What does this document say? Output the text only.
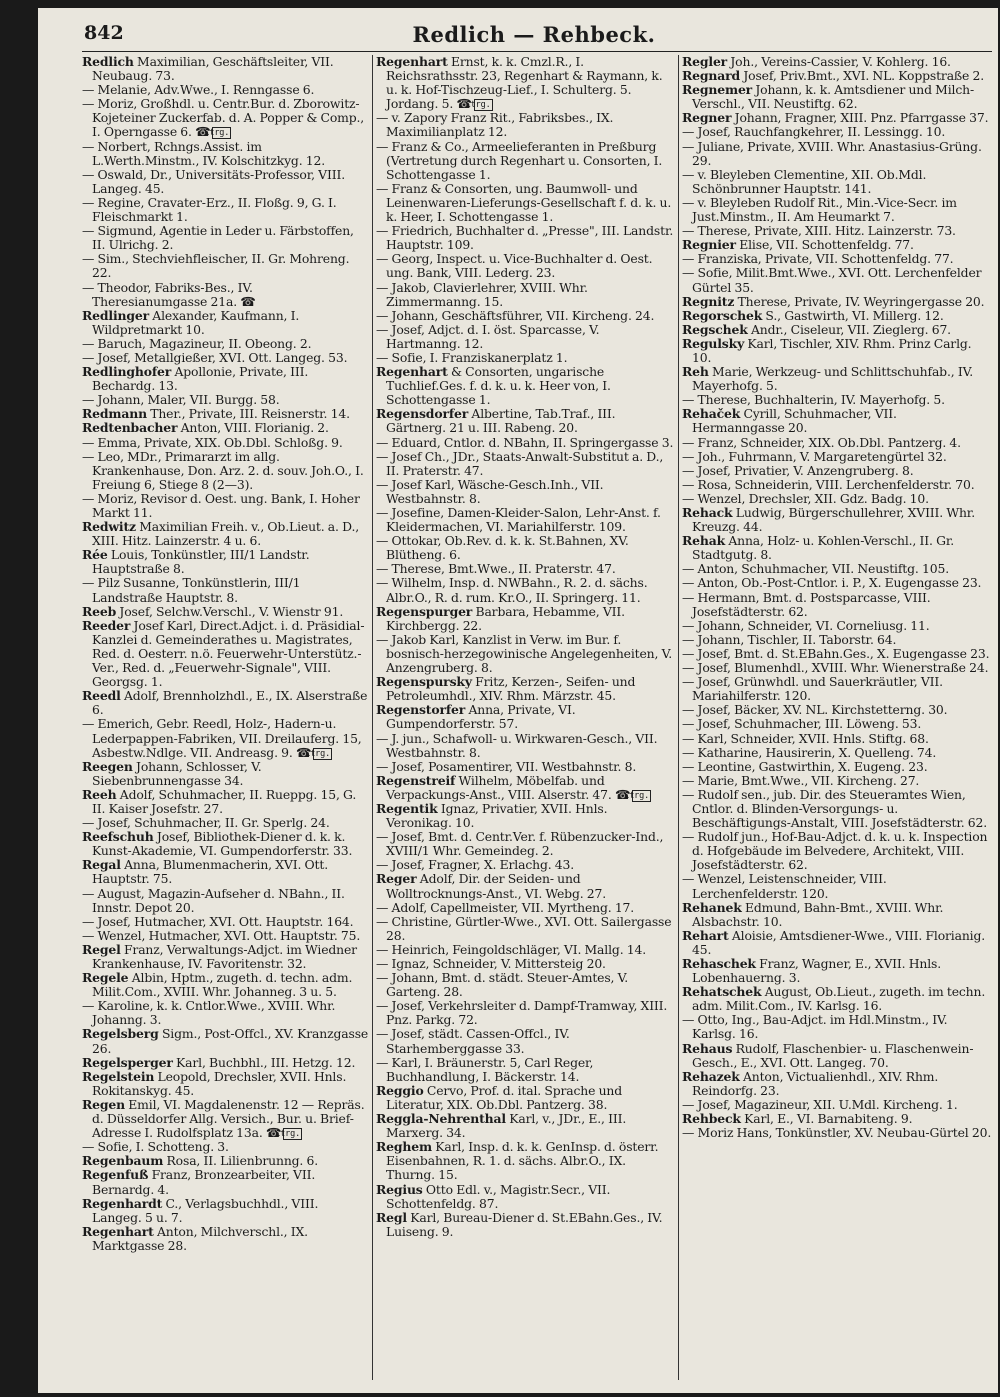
842	Redlich — Rehbeck.

Redlich Maximilian, Geschäftsleiter, VII. Neubaug. 73.

— Melanie, Adv.Wwe., I. Renngasse 6.

— Moriz, Großhdl. u. Centr.Bur. d. Zborowitz-Kojeteiner Zuckerfab. d. A. Popper & Comp., I. Operngasse 6. ☎Ctrg.

— Norbert, Rchngs.Assist. im L.Werth.Minstm., IV. Kolschitzkyg. 12.

— Oswald, Dr., Universitäts-Professor, VIII. Langeg. 45.

— Regine, Cravater-Erz., II. Floßg. 9, G. I. Fleischmarkt 1.

— Sigmund, Agentie in Leder u. Färbstoffen, II. Ulrichg. 2.

— Sim., Stechviehfleischer, II. Gr. Mohreng. 22.

— Theodor, Fabriks-Bes., IV. Theresianumgasse 21a. ☎

Redlinger Alexander, Kaufmann, I. Wildpretmarkt 10.

— Baruch, Magazineur, II. Obeong. 2.

— Josef, Metallgießer, XVI. Ott. Langeg. 53.

Redlinghofer Apollonie, Private, III. Bechardg. 13.

— Johann, Maler, VII. Burgg. 58.

Redmann Ther., Private, III. Reisnerstr. 14.

Redtenbacher Anton, VIII. Florianig. 2.

— Emma, Private, XIX. Ob.Dbl. Schloßg. 9.

— Leo, MDr., Primararzt im allg. Krankenhause, Don. Arz. 2. d. souv. Joh.O., I. Freiung 6, Stiege 8 (2—3).

— Moriz, Revisor d. Oest. ung. Bank, I. Hoher Markt 11.

Redwitz Maximilian Freih. v., Ob.Lieut. a. D., XIII. Hitz. Lainzerstr. 4 u. 6.

Rée Louis, Tonkünstler, III/1 Landstr. Hauptstraße 8.

— Pilz Susanne, Tonkünstlerin, III/1 Landstraße Hauptstr. 8.

Reeb Josef, Selchw.Verschl., V. Wienstr 91.

Reeder Josef Karl, Direct.Adjct. i. d. Präsidial-Kanzlei d. Gemeinderathes u. Magistrates, Red. d. Oesterr. n.ö. Feuerwehr-Unterstütz.-Ver., Red. d. „Feuerwehr-Signale", VIII. Georgsg. 1.

Reedl Adolf, Brennholzhdl., E., IX. Alserstraße 6.

— Emerich, Gebr. Reedl, Holz-, Hadern-u. Lederpappen-Fabriken, VII. Dreilauferg. 15, Asbestw.Ndlge. VII. Andreasg. 9. ☎Ctrg.

Reegen Johann, Schlosser, V. Siebenbrunnengasse 34.

Reeh Adolf, Schuhmacher, II. Rueppg. 15, G. II. Kaiser Josefstr. 27.

— Josef, Schuhmacher, II. Gr. Sperlg. 24.

Reefschuh Josef, Bibliothek-Diener d. k. k. Kunst-Akademie, VI. Gumpendorferstr. 33.

Regal Anna, Blumenmacherin, XVI. Ott. Hauptstr. 75.

— August, Magazin-Aufseher d. NBahn., II. Innstr. Depot 20.

— Josef, Hutmacher, XVI. Ott. Hauptstr. 164.

— Wenzel, Hutmacher, XVI. Ott. Hauptstr. 75.

Regel Franz, Verwaltungs-Adjct. im Wiedner Krankenhause, IV. Favoritenstr. 32.

Regele Albin, Hptm., zugeth. d. techn. adm. Milit.Com., XVIII. Whr. Johanneg. 3 u. 5.

— Karoline, k. k. Cntlor.Wwe., XVIII. Whr. Johanng. 3.

Regelsberg Sigm., Post-Offcl., XV. Kranzgasse 26.

Regelsperger Karl, Buchbhl., III. Hetzg. 12.

Regelstein Leopold, Drechsler, XVII. Hnls. Rokitanskyg. 45.

Regen Emil, VI. Magdalenenstr. 12 — Repräs. d. Düsseldorfer Allg. Versich., Bur. u. Brief-Adresse I. Rudolfsplatz 13a. ☎Ctrg.

— Sofie, I. Schotteng. 3.

Regenbaum Rosa, II. Lilienbrunng. 6.

Regenfuß Franz, Bronzearbeiter, VII. Bernardg. 4.

Regenhardt C., Verlagsbuchhdl., VIII. Langeg. 5 u. 7.

Regenhart Anton, Milchverschl., IX. Marktgasse 28.

Regenhart Ernst, k. k. Cmzl.R., I. Reichsrathsstr. 23, Regenhart & Raymann, k. u. k. Hof-Tischzeug-Lief., I. Schulterg. 5. Jordang. 5. ☎Ctrg.

— v. Zapory Franz Rit., Fabriksbes., IX. Maximilianplatz 12.

— Franz & Co., Armeelieferanten in Preßburg (Vertretung durch Regenhart u. Consorten, I. Schottengasse 1.

— Franz & Consorten, ung. Baumwoll- und Leinenwaren-Lieferungs-Gesellschaft f. d. k. u. k. Heer, I. Schottengasse 1.

— Friedrich, Buchhalter d. „Presse", III. Landstr. Hauptstr. 109.

— Georg, Inspect. u. Vice-Buchhalter d. Oest. ung. Bank, VIII. Lederg. 23.

— Jakob, Clavierlehrer, XVIII. Whr. Zimmermanng. 15.

— Johann, Geschäftsführer, VII. Kircheng. 24.

— Josef, Adjct. d. I. öst. Sparcasse, V. Hartmanng. 12.

— Sofie, I. Franziskanerplatz 1.

Regenhart & Consorten, ungarische Tuchlief.Ges. f. d. k. u. k. Heer von, I. Schottengasse 1.

Regensdorfer Albertine, Tab.Traf., III. Gärtnerg. 21 u. III. Rabeng. 20.

— Eduard, Cntlor. d. NBahn, II. Springergasse 3.

— Josef Ch., JDr., Staats-Anwalt-Substitut a. D., II. Praterstr. 47.

— Josef Karl, Wäsche-Gesch.Inh., VII. Westbahnstr. 8.

— Josefine, Damen-Kleider-Salon, Lehr-Anst. f. Kleidermachen, VI. Mariahilferstr. 109.

— Ottokar, Ob.Rev. d. k. k. St.Bahnen, XV. Blütheng. 6.

— Therese, Bmt.Wwe., II. Praterstr. 47.

— Wilhelm, Insp. d. NWBahn., R. 2. d. sächs. Albr.O., R. d. rum. Kr.O., II. Springerg. 11.

Regenspurger Barbara, Hebamme, VII. Kirchbergg. 22.

— Jakob Karl, Kanzlist in Verw. im Bur. f. bosnisch-herzegowinische Angelegenheiten, V. Anzengruberg. 8.

Regenspursky Fritz, Kerzen-, Seifen- und Petroleumhdl., XIV. Rhm. Märzstr. 45.

Regenstorfer Anna, Private, VI. Gumpendorferstr. 57.

— J. jun., Schafwoll- u. Wirkwaren-Gesch., VII. Westbahnstr. 8.

— Josef, Posamentirer, VII. Westbahnstr. 8.

Regenstreif Wilhelm, Möbelfab. und Verpackungs-Anst., VIII. Alserstr. 47. ☎Ctrg.

Regentik Ignaz, Privatier, XVII. Hnls. Veronikag. 10.

— Josef, Bmt. d. Centr.Ver. f. Rübenzucker-Ind., XVIII/1 Whr. Gemeindeg. 2.

— Josef, Fragner, X. Erlachg. 43.

Reger Adolf, Dir. der Seiden- und Wolltrocknungs-Anst., VI. Webg. 27.

— Adolf, Capellmeister, VII. Myrtheng. 17.

— Christine, Gürtler-Wwe., XVI. Ott. Sailergasse 28.

— Heinrich, Feingoldschläger, VI. Mallg. 14.

— Ignaz, Schneider, V. Mittersteig 20.

— Johann, Bmt. d. städt. Steuer-Amtes, V. Garteng. 28.

— Josef, Verkehrsleiter d. Dampf-Tramway, XIII. Pnz. Parkg. 72.

— Josef, städt. Cassen-Offcl., IV. Starhemberggasse 33.

— Karl, I. Bräunerstr. 5, Carl Reger, Buchhandlung, I. Bäckerstr. 14.

Reggio Cervo, Prof. d. ital. Sprache und Literatur, XIX. Ob.Dbl. Pantzerg. 38.

Reggla-Nehrenthal Karl, v., JDr., E., III. Marxerg. 34.

Reghem Karl, Insp. d. k. k. GenInsp. d. österr. Eisenbahnen, R. 1. d. sächs. Albr.O., IX. Thurng. 15.

Regius Otto Edl. v., Magistr.Secr., VII. Schottenfeldg. 87.

Regl Karl, Bureau-Diener d. St.EBahn.Ges., IV. Luiseng. 9.

Regler Joh., Vereins-Cassier, V. Kohlerg. 16.

Regnard Josef, Priv.Bmt., XVI. NL. Koppstraße 2.

Regnemer Johann, k. k. Amtsdiener und Milch-Verschl., VII. Neustiftg. 62.

Regner Johann, Fragner, XIII. Pnz. Pfarrgasse 37.

— Josef, Rauchfangkehrer, II. Lessingg. 10.

— Juliane, Private, XVIII. Whr. Anastasius-Grüng. 29.

— v. Bleyleben Clementine, XII. Ob.Mdl. Schönbrunner Hauptstr. 141.

— v. Bleyleben Rudolf Rit., Min.-Vice-Secr. im Just.Minstm., II. Am Heumarkt 7.

— Therese, Private, XIII. Hitz. Lainzerstr. 73.

Regnier Elise, VII. Schottenfeldg. 77.

— Franziska, Private, VII. Schottenfeldg. 77.

— Sofie, Milit.Bmt.Wwe., XVI. Ott. Lerchenfelder Gürtel 35.

Regnitz Therese, Private, IV. Weyringergasse 20.

Regorschek S., Gastwirth, VI. Millerg. 12.

Regschek Andr., Ciseleur, VII. Zieglerg. 67.

Regulsky Karl, Tischler, XIV. Rhm. Prinz Carlg. 10.

Reh Marie, Werkzeug- und Schlittschuhfab., IV. Mayerhofg. 5.

— Therese, Buchhalterin, IV. Mayerhofg. 5.

Rehaček Cyrill, Schuhmacher, VII. Hermanngasse 20.

— Franz, Schneider, XIX. Ob.Dbl. Pantzerg. 4.

— Joh., Fuhrmann, V. Margaretengürtel 32.

— Josef, Privatier, V. Anzengruberg. 8.

— Rosa, Schneiderin, VIII. Lerchenfelderstr. 70.

— Wenzel, Drechsler, XII. Gdz. Badg. 10.

Rehack Ludwig, Bürgerschullehrer, XVIII. Whr. Kreuzg. 44.

Rehak Anna, Holz- u. Kohlen-Verschl., II. Gr. Stadtgutg. 8.

— Anton, Schuhmacher, VII. Neustiftg. 105.

— Anton, Ob.-Post-Cntlor. i. P., X. Eugengasse 23.

— Hermann, Bmt. d. Postsparcasse, VIII. Josefstädterstr. 62.

— Johann, Schneider, VI. Corneliusg. 11.

— Johann, Tischler, II. Taborstr. 64.

— Josef, Bmt. d. St.EBahn.Ges., X. Eugengasse 23.

— Josef, Blumenhdl., XVIII. Whr. Wienerstraße 24.

— Josef, Grünwhdl. und Sauerkräutler, VII. Mariahilferstr. 120.

— Josef, Bäcker, XV. NL. Kirchstetterng. 30.

— Josef, Schuhmacher, III. Löweng. 53.

— Karl, Schneider, XVII. Hnls. Stiftg. 68.

— Katharine, Hausirerin, X. Quelleng. 74.

— Leontine, Gastwirthin, X. Eugeng. 23.

— Marie, Bmt.Wwe., VII. Kircheng. 27.

— Rudolf sen., jub. Dir. des Steueramtes Wien, Cntlor. d. Blinden-Versorgungs- u. Beschäftigungs-Anstalt, VIII. Josefstädterstr. 62.

— Rudolf jun., Hof-Bau-Adjct. d. k. u. k. Inspection d. Hofgebäude im Belvedere, Architekt, VIII. Josefstädterstr. 62.

— Wenzel, Leistenschneider, VIII. Lerchenfelderstr. 120.

Rehanek Edmund, Bahn-Bmt., XVIII. Whr. Alsbachstr. 10.

Rehart Aloisie, Amtsdiener-Wwe., VIII. Florianig. 45.

Rehaschek Franz, Wagner, E., XVII. Hnls. Lobenhauerng. 3.

Rehatschek August, Ob.Lieut., zugeth. im techn. adm. Milit.Com., IV. Karlsg. 16.

— Otto, Ing., Bau-Adjct. im Hdl.Minstm., IV. Karlsg. 16.

Rehaus Rudolf, Flaschenbier- u. Flaschenwein-Gesch., E., XVI. Ott. Langeg. 70.

Rehazek Anton, Victualienhdl., XIV. Rhm. Reindorfg. 23.

— Josef, Magazineur, XII. U.Mdl. Kircheng. 1.

Rehbeck Karl, E., VI. Barnabiteng. 9.

— Moriz Hans, Tonkünstler, XV. Neubau-Gürtel 20.
